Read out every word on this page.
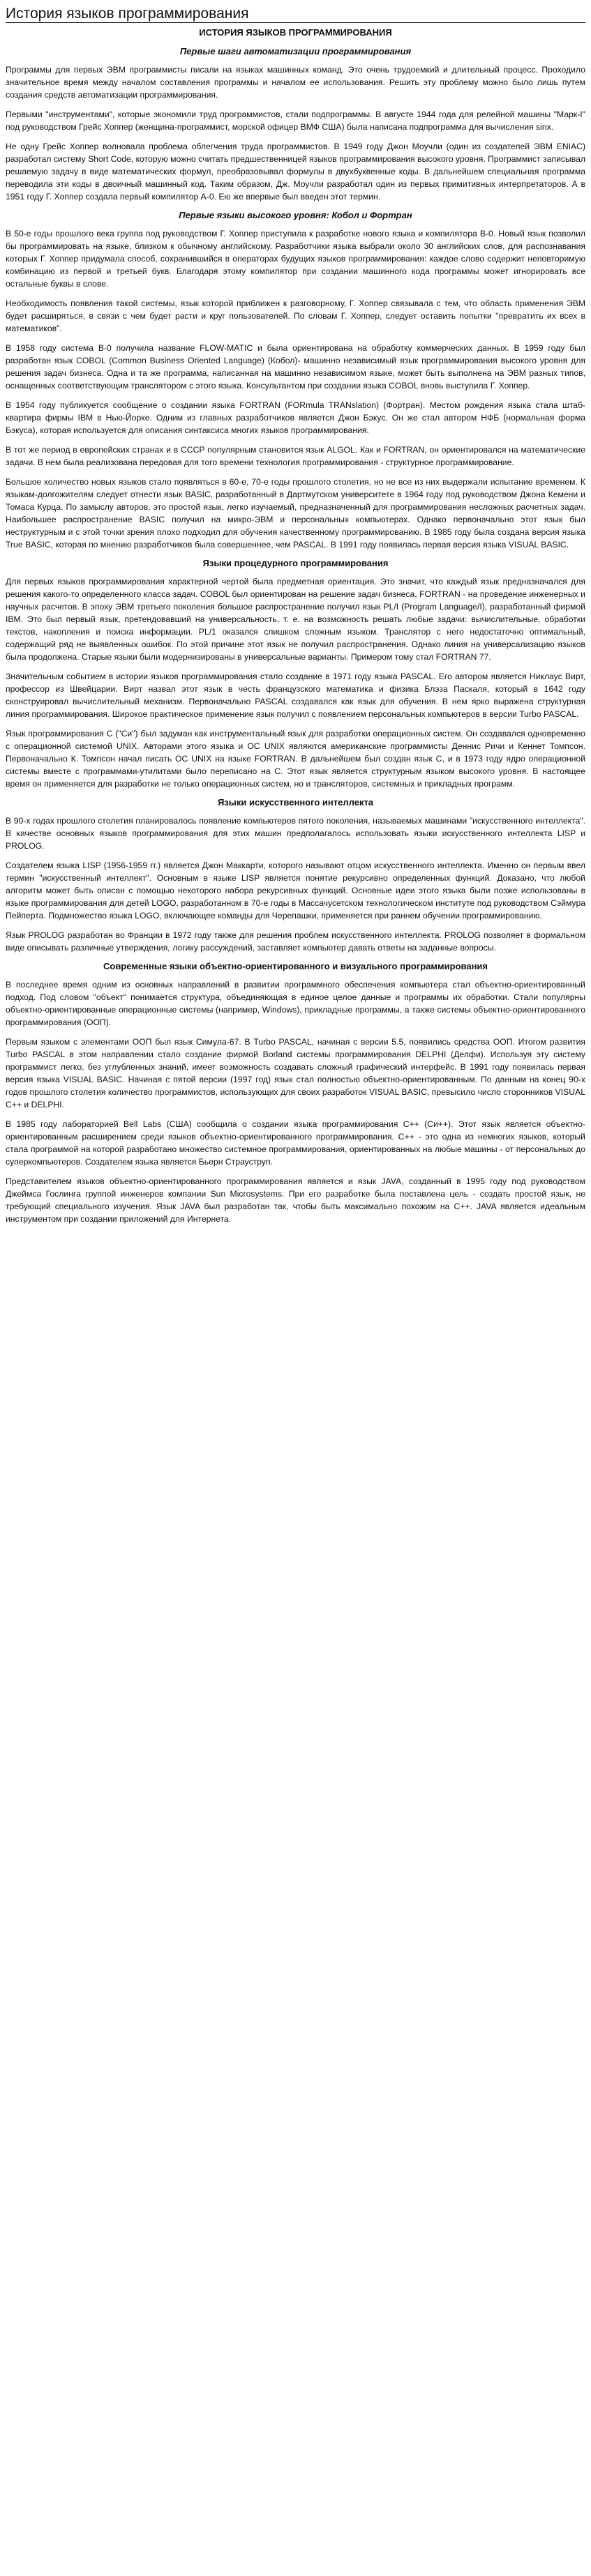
История языков программирования
ИСТОРИЯ ЯЗЫКОВ ПРОГРАММИРОВАНИЯ
Первые шаги автоматизации программирования

Программы для первых ЭВМ программисты писали на языках машинных команд. Это очень трудоемкий и длительный процесс. Проходило значительное время между началом составления программы и началом ее использования. Решить эту проблему можно было лишь путем создания средств автоматизации программирования.

Первыми "инструментами", которые экономили труд программистов, стали подпрограммы. В августе 1944 года для релейной машины "Марк-I" под руководством Грейс Хоппер (женщина-программист, морской офицер ВМФ США) была написана подпрограмма для вычисления sinx.

Не одну Грейс Хоппер волновала проблема облегчения труда программистов. В 1949 году Джон Моучли (один из создателей ЭВМ ENIAC) разработал систему Short Code, которую можно считать предшественницей языков программирования высокого уровня. Программист записывал решаемую задачу в виде математических формул, преобразовывал формулы в двухбуквенные коды. В дальнейшем специальная программа переводила эти коды в двоичный машинный код. Таким образом, Дж. Моучли разработал один из первых примитивных интерпретаторов. А в 1951 году Г. Хоппер создала первый компилятор А-0. Ею же впервые был введен этот термин.

Первые языки высокого уровня: Кобол и Фортран

В 50-е годы прошлого века группа под руководством Г. Хоппер приступила к разработке нового языка и компилятора В-0. Новый язык позволил бы программировать на языке, близком к обычному английскому. Разработчики языка выбрали около 30 английских слов, для распознавания которых Г. Хоппер придумала способ, сохранившийся в операторах будущих языков программирования: каждое слово содержит неповторимую комбинацию из первой и третьей букв. Благодаря этому компилятор при создании машинного кода программы может игнорировать все остальные буквы в слове.

Необходимость появления такой системы, язык которой приближен к разговорному, Г. Хоппер связывала с тем, что область применения ЭВМ будет расширяться, в связи с чем будет расти и круг пользователей. По словам Г. Хоппер, следует оставить попытки "превратить их всех в математиков".

В 1958 году система В-0 получила название FLOW-MATIC и была ориентирована на обработку коммерческих данных. В 1959 году был разработан язык COBOL (Common Business Oriented Language) (Кобол)- машинно независимый язык программирования высокого уровня для решения задач бизнеса. Одна и та же программа, написанная на машинно независимом языке, может быть выполнена на ЭВМ разных типов, оснащенных соответствующим транслятором с этого языка. Консультантом при создании языка COBOL вновь выступила Г. Хоппер.

В 1954 году публикуется сообщение о создании языка FORTRAN (FORmula TRANslation) (Фортран). Местом рождения языка стала штаб-квартира фирмы IBM в Нью-Йорке. Одним из главных разработчиков является Джон Бэкус. Он же стал автором НФБ (нормальная форма Бэкуса), которая используется для описания синтаксиса многих языков программирования.

В тот же период в европейских странах и в СССР популярным становится язык ALGOL. Как и FORTRAN, он ориентировался на математические задачи. В нем была реализована передовая для того времени технология программирования - структурное программирование.

Большое количество новых языков стало появляться в 60-е, 70-е годы прошлого столетия, но не все из них выдержали испытание временем. К языкам-долгожителям следует отнести язык BASIC, разработанный в Дартмутском университете в 1964 году под руководством Джона Кемени и Томаса Курца. По замыслу авторов, это простой язык, легко изучаемый, предназначенный для программирования несложных расчетных задач. Наибольшее распространение BASIC получил на микро-ЭВМ и персональных компьютерах. Однако первоначально этот язык был неструктурным и с этой точки зрения плохо подходил для обучения качественному программированию. В 1985 году была создана версия языка True BASIC, которая по мнению разработчиков была совершеннее, чем PASCAL. В 1991 году появилась первая версия языка VISUAL BASIC.

Языки процедурного программирования

Для первых языков программирования характерной чертой была предметная ориентация. Это значит, что каждый язык предназначался для решения какого-то определенного класса задач. COBOL был ориентирован на решение задач бизнеса, FORTRAN - на проведение инженерных и научных расчетов. В эпоху ЭВМ третьего поколения большое распространение получил язык PL/I (Program Language/I), разработанный фирмой IBM. Это был первый язык, претендовавший на универсальность, т. е. на возможность решать любые задачи: вычислительные, обработки текстов, накопления и поиска информации. PL/1 оказался слишком сложным языком. Транслятор с него недостаточно оптимальный, содержащий ряд не выявленных ошибок. По этой причине этот язык не получил распространения. Однако линия на универсализацию языков была продолжена. Старые языки были модернизированы в универсальные варианты. Примером тому стал FORTRAN 77.

Значительным событием в истории языков программирования стало создание в 1971 году языка PASCAL. Его автором является Никлаус Вирт, профессор из Швейцарии. Вирт назвал этот язык в честь французского математика и физика Блэза Паскаля, который в 1642 году сконструировал вычислительный механизм. Первоначально PASCAL создавался как язык для обучения. В нем ярко выражена структурная линия программирования. Широкое практическое применение язык получил с появлением персональных компьютеров в версии Turbo PASCAL.

Язык программирования С ("Си") был задуман как инструментальный язык для разработки операционных систем. Он создавался одновременно с операционной системой UNIX. Авторами этого языка и ОС UNIX являются американские программисты Деннис Ричи и Кеннет Томпсон. Первоначально К. Томпсон начал писать ОС UNIX на языке FORTRAN. В дальнейшем был создан язык С, и в 1973 году ядро операционной системы вместе с программами-утилитами было переписано на С. Этот язык является структурным языком высокого уровня. В настоящее время он применяется для разработки не только операционных систем, но и трансляторов, системных и прикладных программ.

Языки искусственного интеллекта

В 90-х годах прошлого столетия планировалось появление компьютеров пятого поколения, называемых машинами "искусственного интеллекта". В качестве основных языков программирования для этих машин предполагалось использовать языки искусственного интеллекта LISP и PROLOG.

Создателем языка LISP (1956-1959 гг.) является Джон Маккарти, которого называют отцом искусственного интеллекта. Именно он первым ввел термин "искусственный интеллект". Основным в языке LISP является понятие рекурсивно определенных функций. Доказано, что любой алгоритм может быть описан с помощью некоторого набора рекурсивных функций. Основные идеи этого языка были позже использованы в языке программирования для детей LOGO, разработанном в 70-е годы в Массачусетском технологическом институте под руководством Сэймура Пейперта. Подмножество языка LOGO, включающее команды для Черепашки, применяется при раннем обучении программированию.

Язык PROLOG разработан во Франции в 1972 году также для решения проблем искусственного интеллекта. PROLOG позволяет в формальном виде описывать различные утверждения, логику рассуждений, заставляет компьютер давать ответы на заданные вопросы.

Современные языки объектно-ориентированного и визуального программирования

В последнее время одним из основных направлений в развитии программного обеспечения компьютера стал объектно-ориентированный подход. Под словом "объект" понимается структура, объединяющая в единое целое данные и программы их обработки. Стали популярны объектно-ориентированные операционные системы (например, Windows), прикладные программы, а также системы объектно-ориентированного программирования (ООП).

Первым языком с элементами ООП был язык Симула-67. В Turbo PASCAL, начиная с версии 5.5, появились средства ООП. Итогом развития Turbo PASCAL в этом направлении стало создание фирмой Borland системы программирования DELPHI (Делфи). Используя эту систему программист легко, без углубленных знаний, имеет возможность создавать сложный графический интерфейс. В 1991 году появилась первая версия языка VISUAL BASIC. Начиная с пятой версии (1997 год) язык стал полностью объектно-ориентированным. По данным на конец 90-х годов прошлого столетия количество программистов, использующих для своих разработок VISUAL BASIC, превысило число сторонников VISUAL C++ и DELPHI.

В 1985 году лабораторией Bell Labs (США) сообщила о создании языка программирования С++ (Си++). Этот язык является объектно-ориентированным расширением среди языков объектно-ориентированного программирования. С++ - это одна из немногих языков, который стала программой на которой разработано множество системное программирования, ориентированных на любые машины - от персональных до суперкомпьютеров. Создателем языка является Бьерн Страуструп.

Представителем языков объектно-ориентированного программирования является и язык JAVA, созданный в 1995 году под руководством Джеймса Гослинга группой инженеров компании Sun Microsystems. При его разработке была поставлена цель - создать простой язык, не требующий специального изучения. Язык JAVA был разработан так, чтобы быть максимально похожим на С++. JAVA является идеальным инструментом при создании приложений для Интернета.
